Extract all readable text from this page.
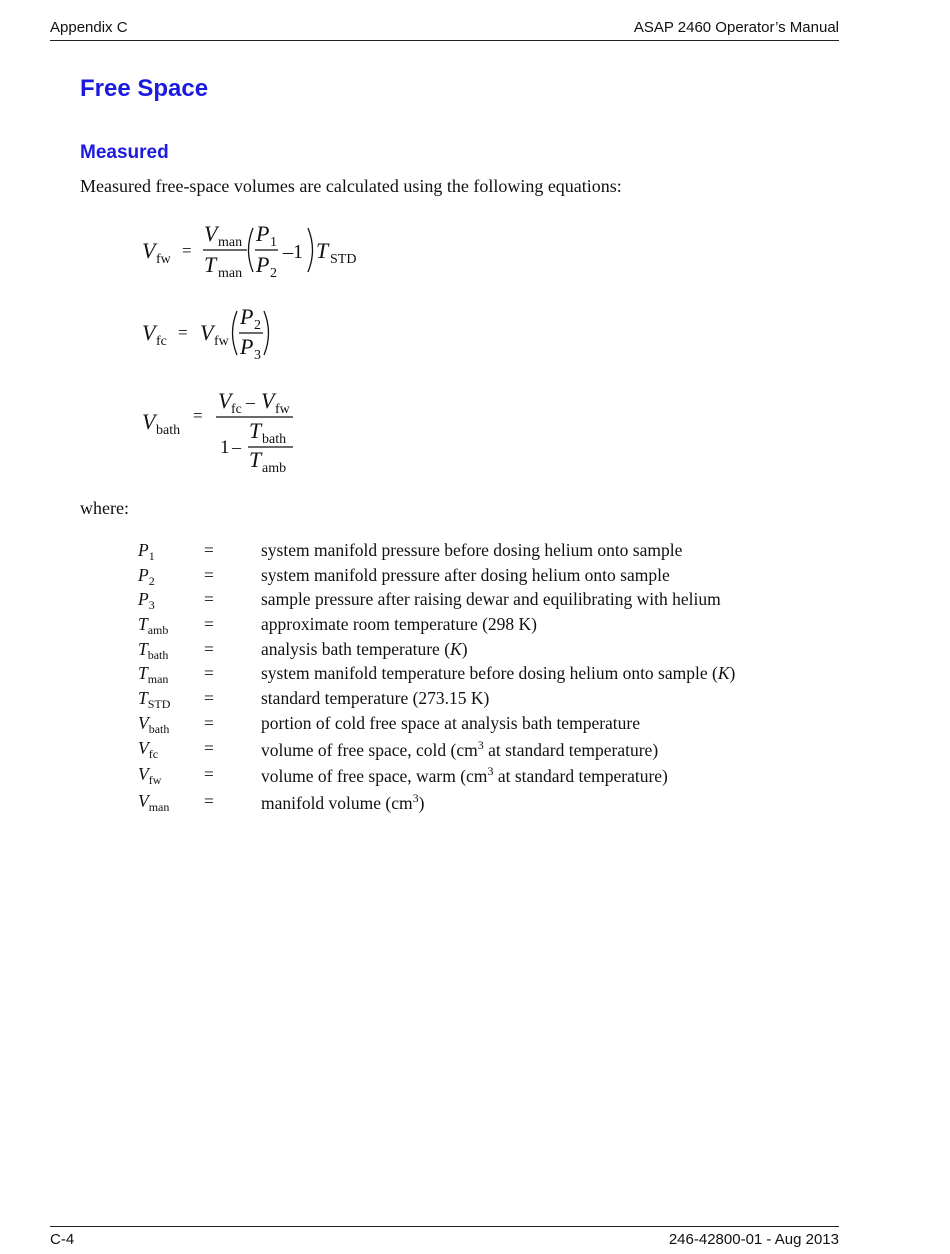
Appendix C	ASAP 2460 Operator’s Manual
Free Space
Measured
Measured free-space volumes are calculated using the following equations:
V fw =
V man
T man
P 1
P 2
–1 T STD
V fc = V fw
P 2
P 3
V bath
=
V fc – V fw
1 –
T bath
T amb
where:
$P_1$	=	system manifold pressure before dosing helium onto sample
$P_2$	=	system manifold pressure after dosing helium onto sample
$P_3$	=	sample pressure after raising dewar and equilibrating with helium
$T_{amb}$ =	approximate room temperature (298 K)
$T_{bath}$ =	analysis bath temperature (K)
$T_{man}$ =	system manifold temperature before dosing helium onto sample (K)
$T_{STD}$ =	standard temperature (273.15 K)
$V_{bath}$ =	portion of cold free space at analysis bath temperature
$V_{fc}$	=	volume of free space, cold ($cm^3$ at standard temperature)
$V_{fw}$ =	volume of free space, warm ($cm^3$ at standard temperature)
$V_{man}$ =	manifold volume $(cm^3)$
C-4	246-42800-01 - Aug 2013
